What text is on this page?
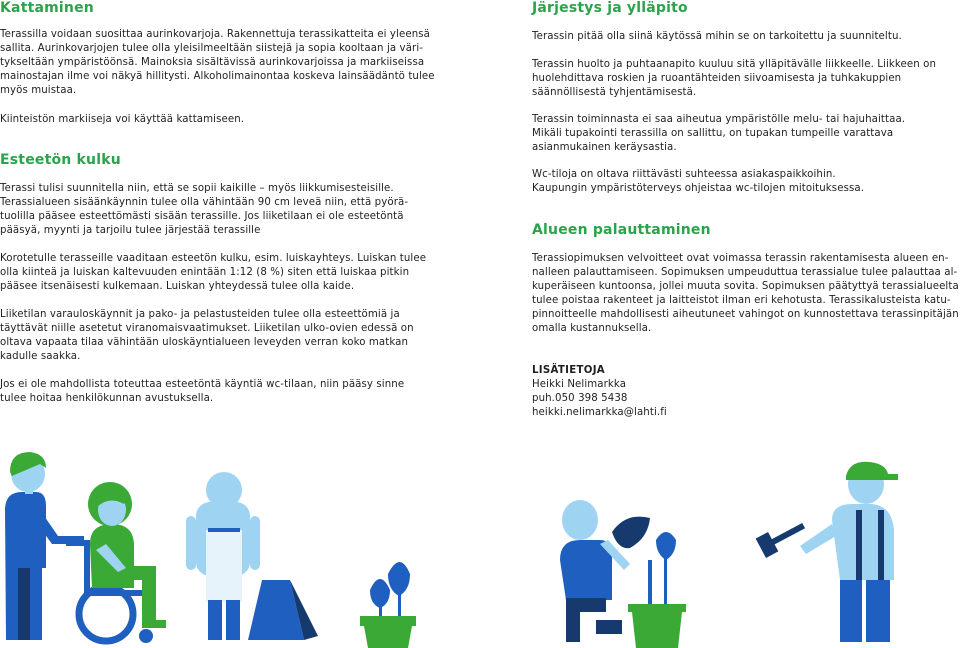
Kattaminen

Terassilla voidaan suosittaa aurinkovarjoja. Rakennettuja terassikatteita ei yleensä
sallita. Aurinkovarjojen tulee olla yleisilmeeltään siistejä ja sopia kooltaan ja väri-
tykseltään ympäristöönsä. Mainoksia sisältävissä aurinkovarjoissa ja markiiseissa
mainostajan ilme voi näkyä hillitysti. Alkoholimainontaa koskeva lainsäädäntö tulee
myös muistaa.

Kiinteistön markiiseja voi käyttää kattamiseen.

Esteetön kulku

Terassi tulisi suunnitella niin, että se sopii kaikille – myös liikkumisesteisille.
Terassialueen sisäänkäynnin tulee olla vähintään 90 cm leveä niin, että pyörä-
tuolilla pääsee esteettömästi sisään terassille. Jos liiketilaan ei ole esteetöntä
pääsyä, myynti ja tarjoilu tulee järjestää terassille

Korotetulle terasseille vaaditaan esteetön kulku, esim. luiskayhteys. Luiskan tulee
olla kiinteä ja luiskan kaltevuuden enintään 1:12 (8 %) siten että luiskaa pitkin
pääsee itsenäisesti kulkemaan. Luiskan yhteydessä tulee olla kaide.

Liiketilan varauloskäynnit ja pako- ja pelastusteiden tulee olla esteettömiä ja
täyttävät niille asetetut viranomaisvaatimukset. Liiketilan ulko-ovien edessä on
oltava vapaata tilaa vähintään uloskäyntialueen leveyden verran koko matkan
kadulle saakka.

Jos ei ole mahdollista toteuttaa esteetöntä käyntiä wc-tilaan, niin pääsy sinne
tulee hoitaa henkilökunnan avustuksella.

Järjestys ja ylläpito

Terassin pitää olla siinä käytössä mihin se on tarkoitettu ja suunniteltu.

Terassin huolto ja puhtaanapito kuuluu sitä ylläpitävälle liikkeelle. Liikkeen on
huolehdittava roskien ja ruoantähteiden siivoamisesta ja tuhkakuppien
säännöllisestä tyhjentämisestä.

Terassin toiminnasta ei saa aiheutua ympäristölle melu- tai hajuhaittaa.
Mikäli tupakointi terassilla on sallittu, on tupakan tumpeille varattava
asianmukainen keräysastia.

Wc-tiloja on oltava riittävästi suhteessa asiakaspaikkoihin.
Kaupungin ympäristöterveys ohjeistaa wc-tilojen mitoituksessa.

Alueen palauttaminen

Terassiopimuksen velvoitteet ovat voimassa terassin rakentamisesta alueen en-
nalleen palauttamiseen. Sopimuksen umpeuduttua terassialue tulee palauttaa al-
kuperäiseen kuntoonsa, jollei muuta sovita. Sopimuksen päätyttyä terassialueelta
tulee poistaa rakenteet ja laitteistot ilman eri kehotusta. Terassikalusteista katu-
pinnoitteelle mahdollisesti aiheutuneet vahingot on kunnostettava terassinpitäjän
omalla kustannuksella.

LISÄTIETOJA

Heikki Nelimarkka

puh.050 398 5438

heikki.nelimarkka@lahti.fi
